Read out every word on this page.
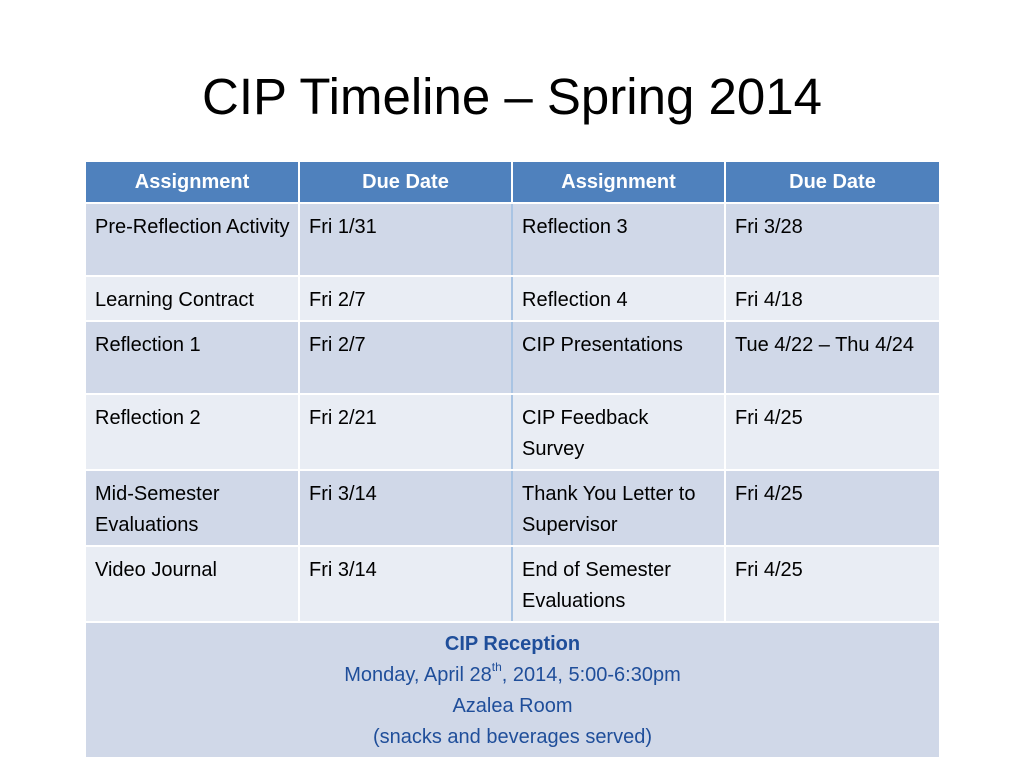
CIP Timeline – Spring 2014
Assignment	Due Date	Assignment	Due Date
Pre-Reflection Activity	Fri 1/31	Reflection 3	Fri 3/28
Learning Contract	Fri 2/7	Reflection 4	Fri 4/18
Reflection 1	Fri 2/7	CIP Presentations	Tue 4/22 – Thu 4/24
Reflection 2	Fri 2/21	CIP Feedback Survey	Fri 4/25
Mid-Semester Evaluations	Fri 3/14	Thank You Letter to Supervisor	Fri 4/25
Video Journal	Fri 3/14	End of Semester Evaluations	Fri 4/25

CIP Reception
Monday, April 28th, 2014, 5:00-6:30pm
Azalea Room
(snacks and beverages served)			
